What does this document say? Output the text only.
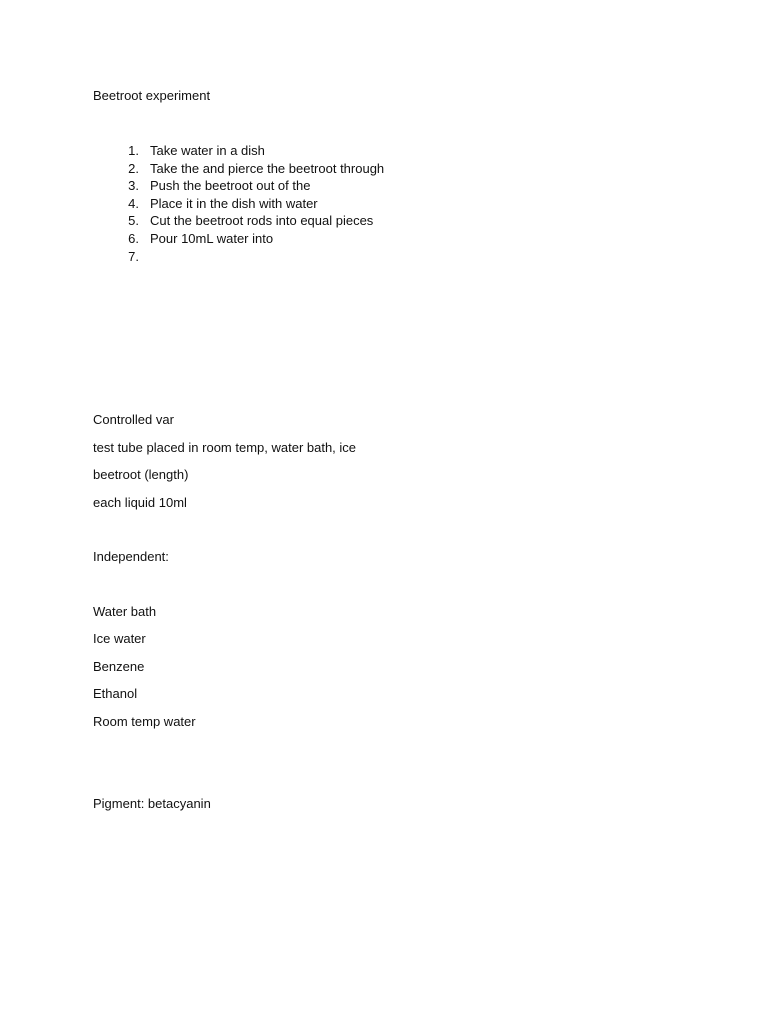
Beetroot experiment
1. Take water in a dish
2. Take the and pierce the beetroot through
3. Push the beetroot out of the
4. Place it in the dish with water
5. Cut the beetroot rods into equal pieces
6. Pour 10mL water into
7.
Controlled var
test tube placed in room temp, water bath, ice
beetroot (length)
each liquid 10ml
Independent:
Water bath
Ice water
Benzene
Ethanol
Room temp water
Pigment: betacyanin
